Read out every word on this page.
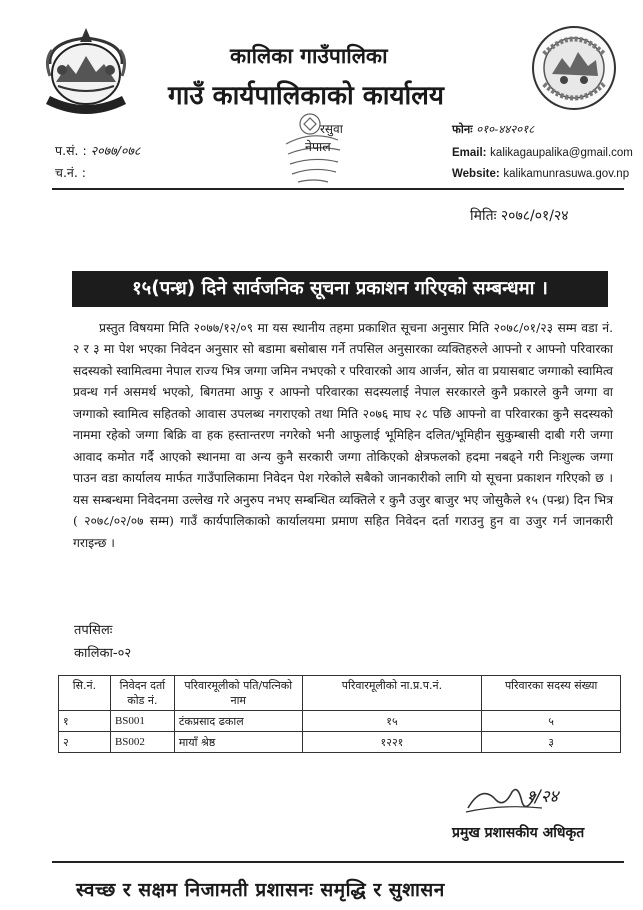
कालिका गाउँपालिका
गाउँ कार्यपालिकाको कार्यालय
प.सं. : २०७७/०७८
च.नं. :
रसुवा
नेपाल
फोनः ०१०-४४२०१८
Email: kalikagaupalika@gmail.com
Website: kalikamunrasuwa.gov.np
मितिः २०७८/०१/२४
१५(पन्ध्र) दिने सार्वजनिक सूचना प्रकाशन गरिएको सम्बन्धमा ।

प्रस्तुत विषयमा मिति २०७७/१२/०९ मा यस स्थानीय तहमा प्रकाशित सूचना अनुसार मिति २०७८/०१/२३ सम्म वडा नं. २ र ३ मा पेश भएका निवेदन अनुसार सो बडामा बसोबास गर्ने तपसिल अनुसारका व्यक्तिहरुले आफ्नो र आफ्नो परिवारका सदस्यको स्वामित्वमा नेपाल राज्य भित्र जग्गा जमिन नभएको र परिवारको आय आर्जन, स्रोत वा प्रयासबाट जग्गाको स्वामित्व प्रवन्ध गर्न असमर्थ भएको, बिगतमा आफु र आफ्नो परिवारका सदस्यलाई नेपाल सरकारले कुनै प्रकारले कुनै जग्गा वा जग्गाको स्वामित्व सहितको आवास उपलब्ध नगराएको तथा मिति २०७६ माघ २८ पछि आफ्नो वा परिवारका कुनै सदस्यको नाममा रहेको जग्गा बिक्रि वा हक हस्तान्तरण नगरेको भनी आफुलाई भूमिहिन दलित/भूमिहीन सुकुम्बासी दाबी गरी जग्गा आवाद कमोत गर्दै आएको स्थानमा वा अन्य कुनै सरकारी जग्गा तोकिएको क्षेत्रफलको हदमा नबढ्ने गरी निःशुल्क जग्गा पाउन वडा कार्यालय मार्फत गाउँपालिकामा निवेदन पेश गरेकोले सबैको जानकारीको लागि यो सूचना प्रकाशन गरिएको छ । यस सम्बन्धमा निवेदनमा उल्लेख गरे अनुरुप नभए सम्बन्धित व्यक्तिले र कुनै उजुर बाजुर भए जोसुकैले १५ (पन्ध्र) दिन भित्र ( २०७८/०२/०७ सम्म) गाउँ कार्यपालिकाको कार्यालयमा प्रमाण सहित निवेदन दर्ता गराउनु हुन वा उजुर गर्न जानकारी गराइन्छ ।

तपसिलः
कालिका-०२
सि.नं.	निवेदन दर्ता कोड नं.	परिवारमूलीको पति/पत्निको नाम	परिवारमूलीको ना.प्र.प.नं.	परिवारका सदस्य संख्या
१	BS001	टंकप्रसाद ढकाल	१५	५
२	BS002	मायाँ श्रेष्ठ	१२२१	३
१/२४
प्रमुख प्रशासकीय अधिकृत
स्वच्छ र सक्षम निजामती प्रशासनः समृद्धि र सुशासन
